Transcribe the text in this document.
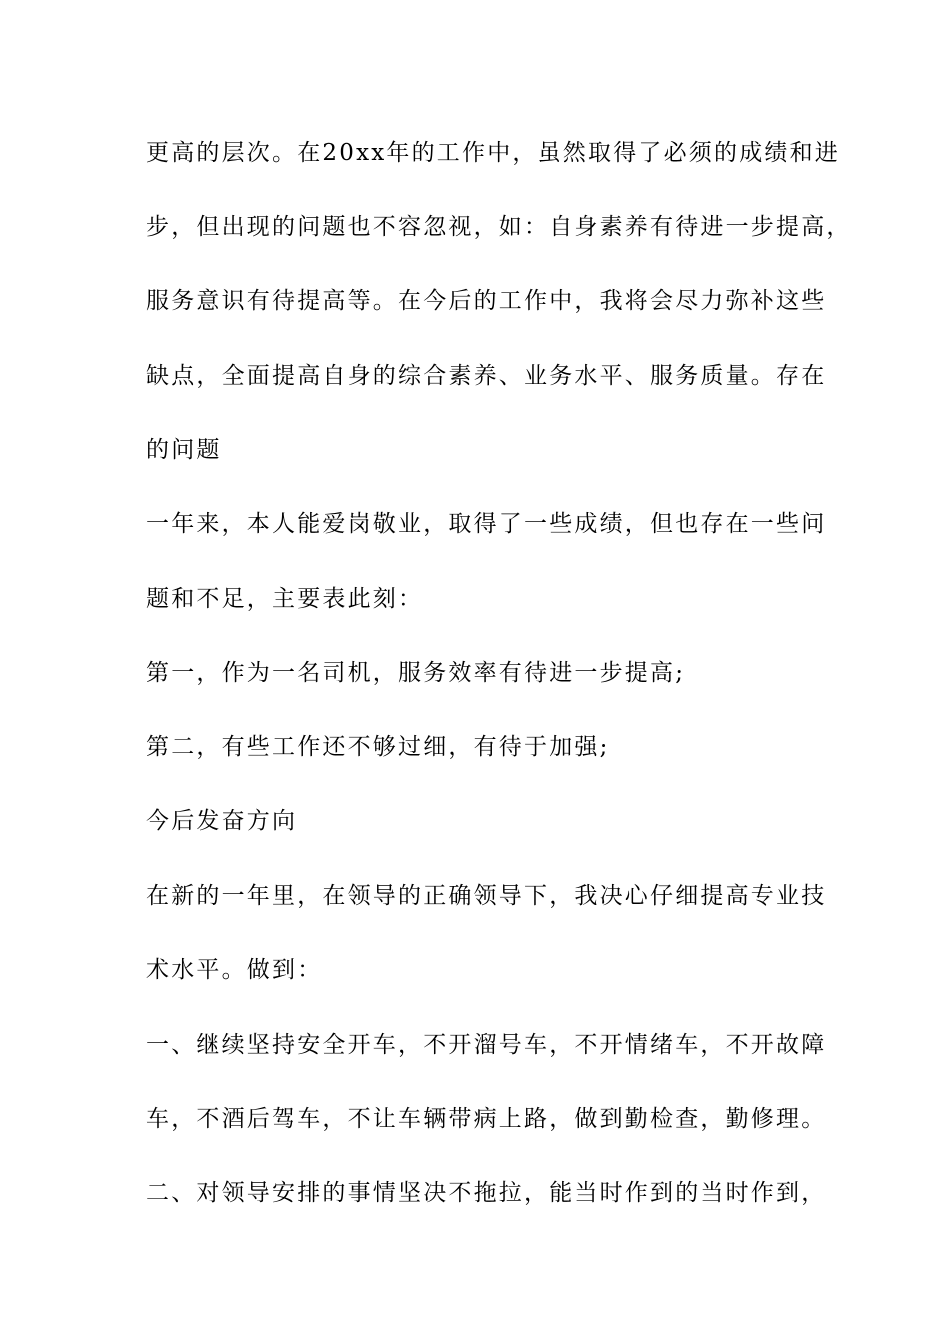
更高的层次。在20xx年的工作中，虽然取得了必须的成绩和进
步，但出现的问题也不容忽视，如：自身素养有待进一步提高，
服务意识有待提高等。在今后的工作中，我将会尽力弥补这些
缺点，全面提高自身的综合素养、业务水平、服务质量。存在
的问题
一年来，本人能爱岗敬业，取得了一些成绩，但也存在一些问
题和不足，主要表此刻：
第一，作为一名司机，服务效率有待进一步提高;
第二，有些工作还不够过细，有待于加强;
今后发奋方向
在新的一年里，在领导的正确领导下，我决心仔细提高专业技
术水平。做到：
一、继续坚持安全开车，不开溜号车，不开情绪车，不开故障
车，不酒后驾车，不让车辆带病上路，做到勤检查，勤修理。
二、对领导安排的事情坚决不拖拉，能当时作到的当时作到，
